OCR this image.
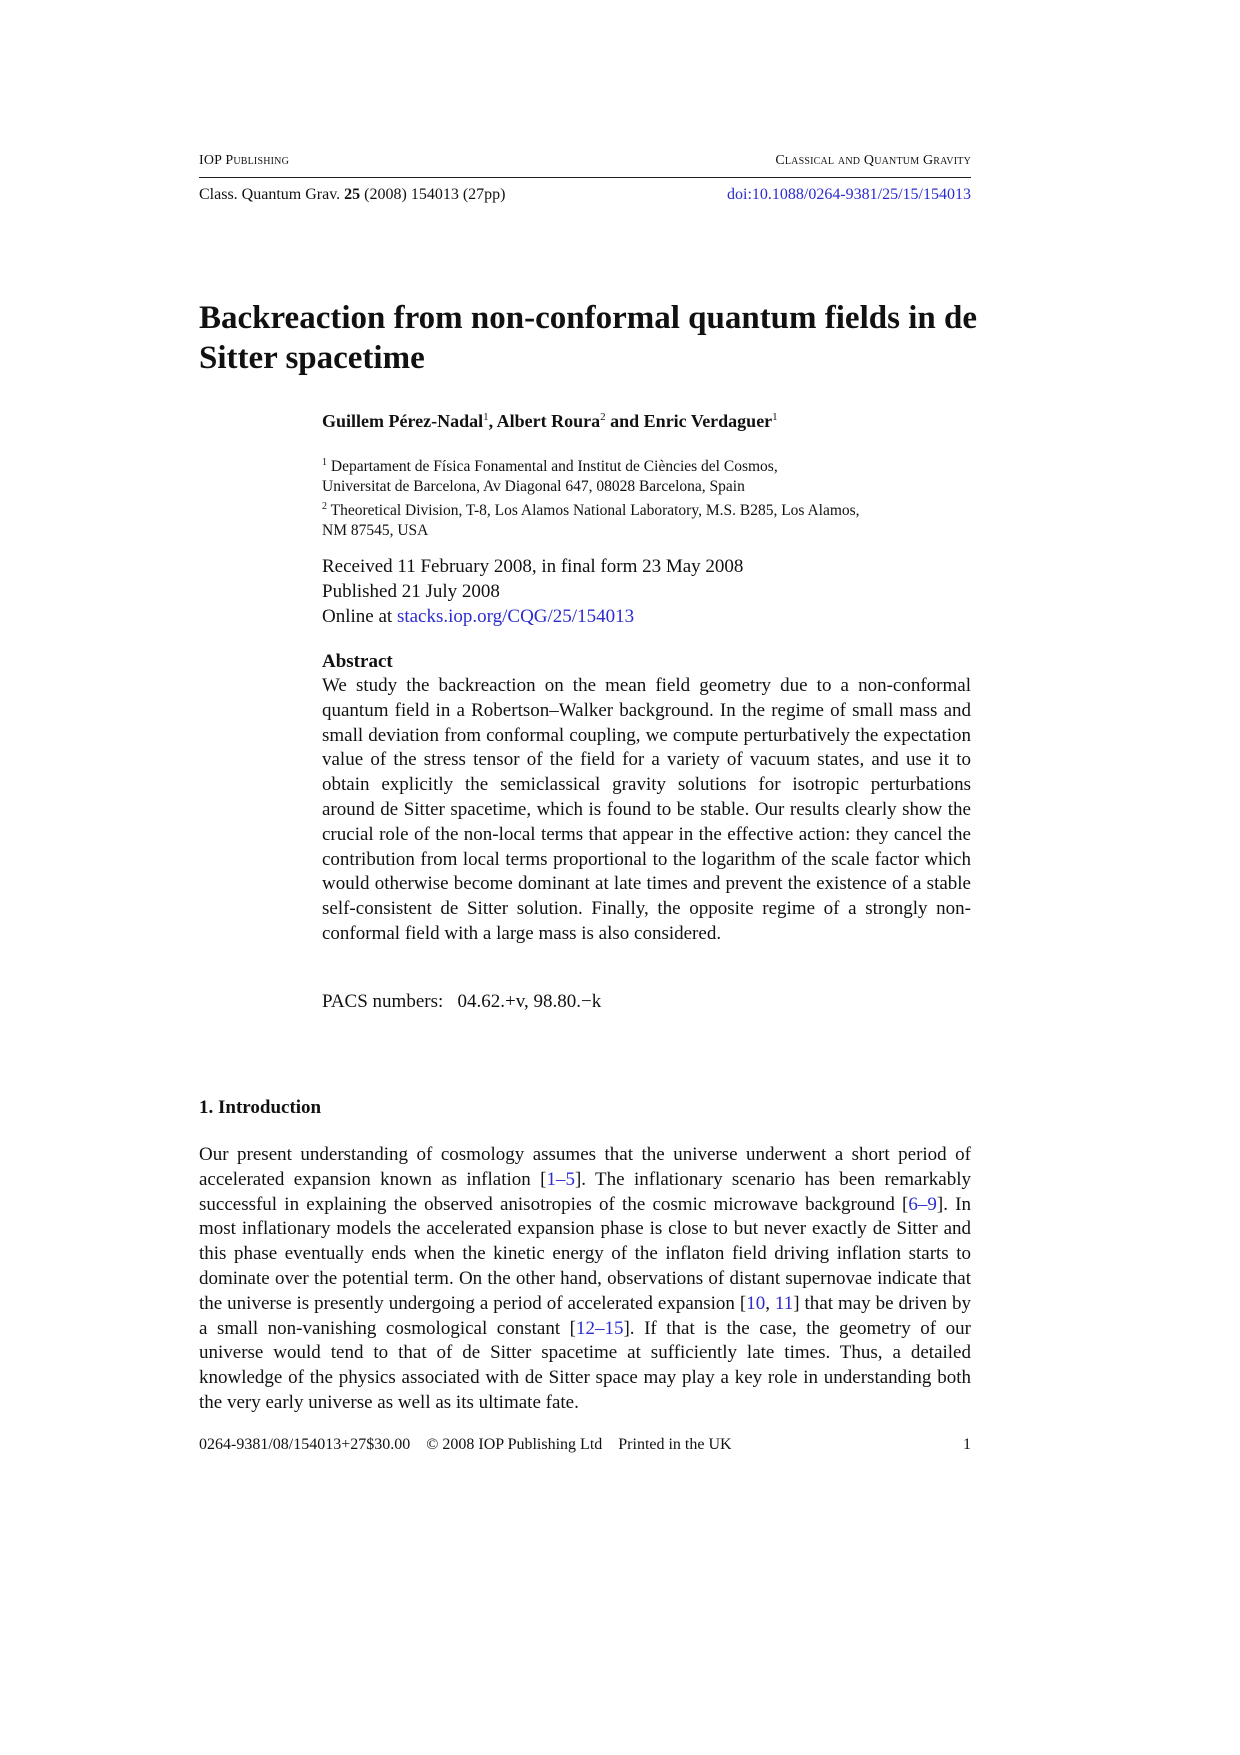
IOP Publishing	Classical and Quantum Gravity
Class. Quantum Grav. 25 (2008) 154013 (27pp)	doi:10.1088/0264-9381/25/15/154013
Backreaction from non-conformal quantum fields in de Sitter spacetime

Guillem Pérez-Nadal$^1$, Albert Roura$^2$ and Enric Verdaguer$^1$

$^1$ Departament de Física Fonamental and Institut de Ciències del Cosmos,
Universitat de Barcelona, Av Diagonal 647, 08028 Barcelona, Spain
$^2$ Theoretical Division, T-8, Los Alamos National Laboratory, M.S. B285, Los Alamos,
NM 87545, USA
Received 11 February 2008, in final form 23 May 2008
Published 21 July 2008
Online at stacks.iop.org/CQG/25/154013
Abstract

We study the backreaction on the mean field geometry due to a non-conformal quantum field in a Robertson–Walker background. In the regime of small mass and small deviation from conformal coupling, we compute perturbatively the expectation value of the stress tensor of the field for a variety of vacuum states, and use it to obtain explicitly the semiclassical gravity solutions for isotropic perturbations around de Sitter spacetime, which is found to be stable. Our results clearly show the crucial role of the non-local terms that appear in the effective action: they cancel the contribution from local terms proportional to the logarithm of the scale factor which would otherwise become dominant at late times and prevent the existence of a stable self-consistent de Sitter solution. Finally, the opposite regime of a strongly non-conformal field with a large mass is also considered.

PACS numbers:   04.62.+v, 98.80.−k
1. Introduction

Our present understanding of cosmology assumes that the universe underwent a short period of accelerated expansion known as inflation [1–5]. The inflationary scenario has been remarkably successful in explaining the observed anisotropies of the cosmic microwave background [6–9]. In most inflationary models the accelerated expansion phase is close to but never exactly de Sitter and this phase eventually ends when the kinetic energy of the inflaton field driving inflation starts to dominate over the potential term. On the other hand, observations of distant supernovae indicate that the universe is presently undergoing a period of accelerated expansion [10, 11] that may be driven by a small non-vanishing cosmological constant [12–15]. If that is the case, the geometry of our universe would tend to that of de Sitter spacetime at sufficiently late times. Thus, a detailed knowledge of the physics associated with de Sitter space may play a key role in understanding both the very early universe as well as its ultimate fate.

0264-9381/08/154013+27$30.00    © 2008 IOP Publishing Ltd    Printed in the UK	1
